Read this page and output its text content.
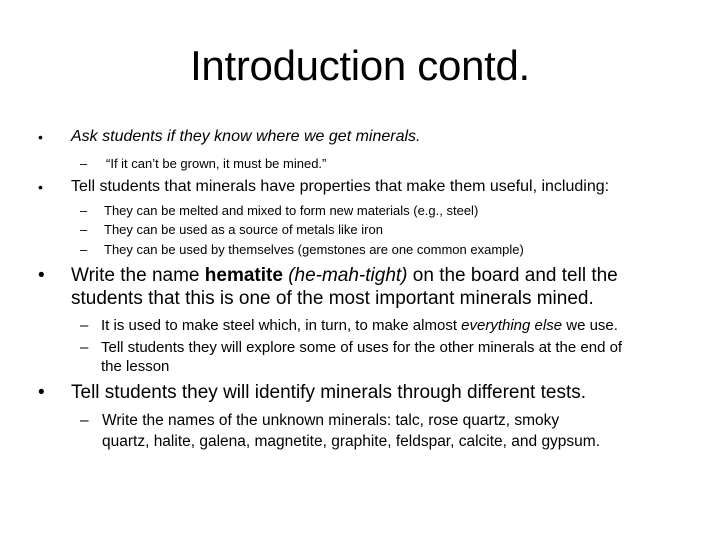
Introduction contd.
• Ask students if they know where we get minerals.
– “If it can’t be grown, it must be mined.”
• Tell students that minerals have properties that make them useful, including:
– They can be melted and mixed to form new materials (e.g., steel)
– They can be used as a source of metals like iron
– They can be used by themselves (gemstones are one common example)
• Write the name hematite (he-mah-tight) on the board and tell the
students that this is one of the most important minerals mined.
– It is used to make steel which, in turn, to make almost everything else we use.
– Tell students they will explore some of uses for the other minerals at the end of
the lesson
• Tell students they will identify minerals through different tests.
– Write the names of the unknown minerals: talc, rose quartz, smoky
quartz, halite, galena, magnetite, graphite, feldspar, calcite, and gypsum.
